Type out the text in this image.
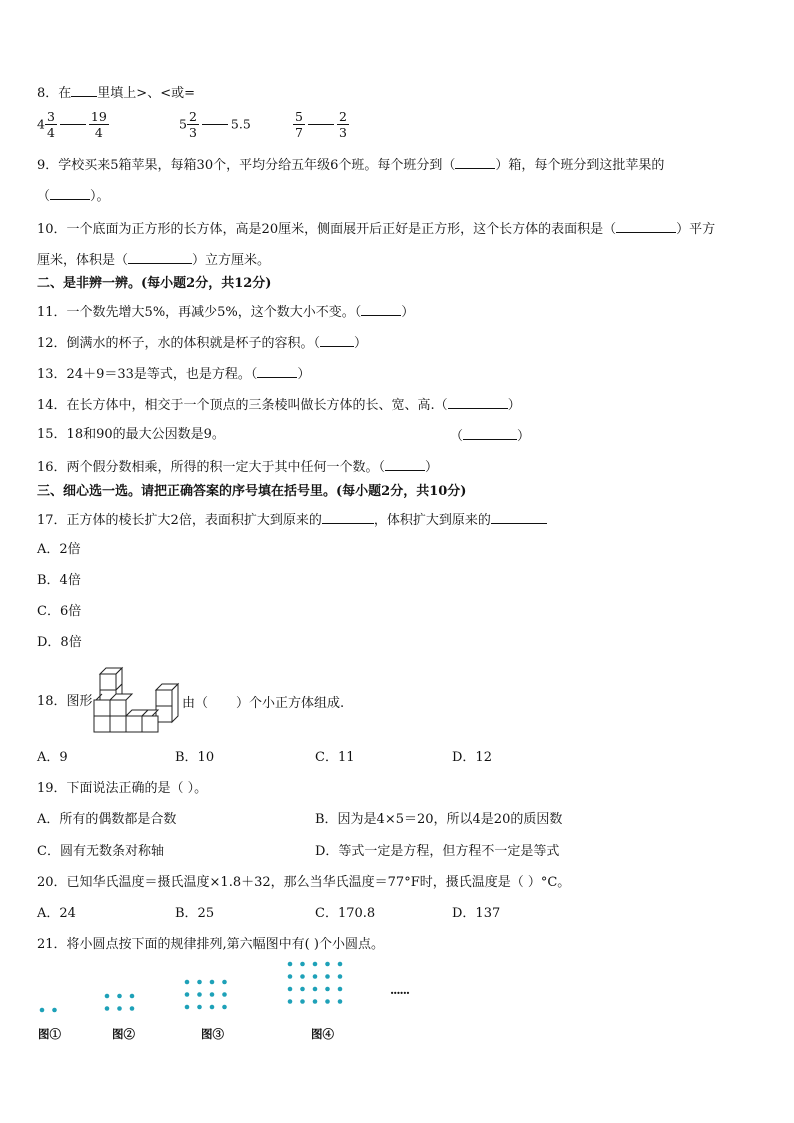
8．在 里填上>、<或=
$4 \frac{3}{4}$	$\frac{19}{4}$	$5 \frac{2}{3}$	5.5	$\frac{5}{7}$	$\frac{2}{3}$
9．学校买来5箱苹果，每箱30个，平均分给五年级6个班。每个班分到（	）箱，每个班分到这批苹果的
（	）。
10．一个底面为正方形的长方体，高是20厘米，侧面展开后正好是正方形，这个长方体的表面积是（	）平方
厘米，体积是（	）立方厘米。
二、是非辨一辨。(每小题2分，共12分)
11．一个数先增大5%，再减少5%，这个数大小不变。（	）
12．倒满水的杯子，水的体积就是杯子的容积。（	）
13．24＋9＝33是等式，也是方程。（	）
14．在长方体中，相交于一个顶点的三条棱叫做长方体的长、宽、高.（	）
15．18和90的最大公因数是9。	（	）
16．两个假分数相乘，所得的积一定大于其中任何一个数。（	）
三、细心选一选。请把正确答案的序号填在括号里。(每小题2分，共10分)
17．正方体的棱长扩大2倍，表面积扩大到原来的	，体积扩大到原来的
A．2倍
B．4倍
C．6倍
D．8倍
18．图形	由（ ）个小正方体组成.
A．9	B．10	C．11	D．12
19．下面说法正确的是（ ）。
A．所有的偶数都是合数	B．因为是4×5＝20，所以4是20的质因数
C．圆有无数条对称轴	D．等式一定是方程，但方程不一定是等式
20．已知华氏温度＝摄氏温度×1.8＋32，那么当华氏温度＝77°F时，摄氏温度是（ ）°C。
A．24	B．25	C．170.8	D．137
21．将小圆点按下面的规律排列,第六幅图中有( )个小圆点。
......
图①	图②	图③	图④
